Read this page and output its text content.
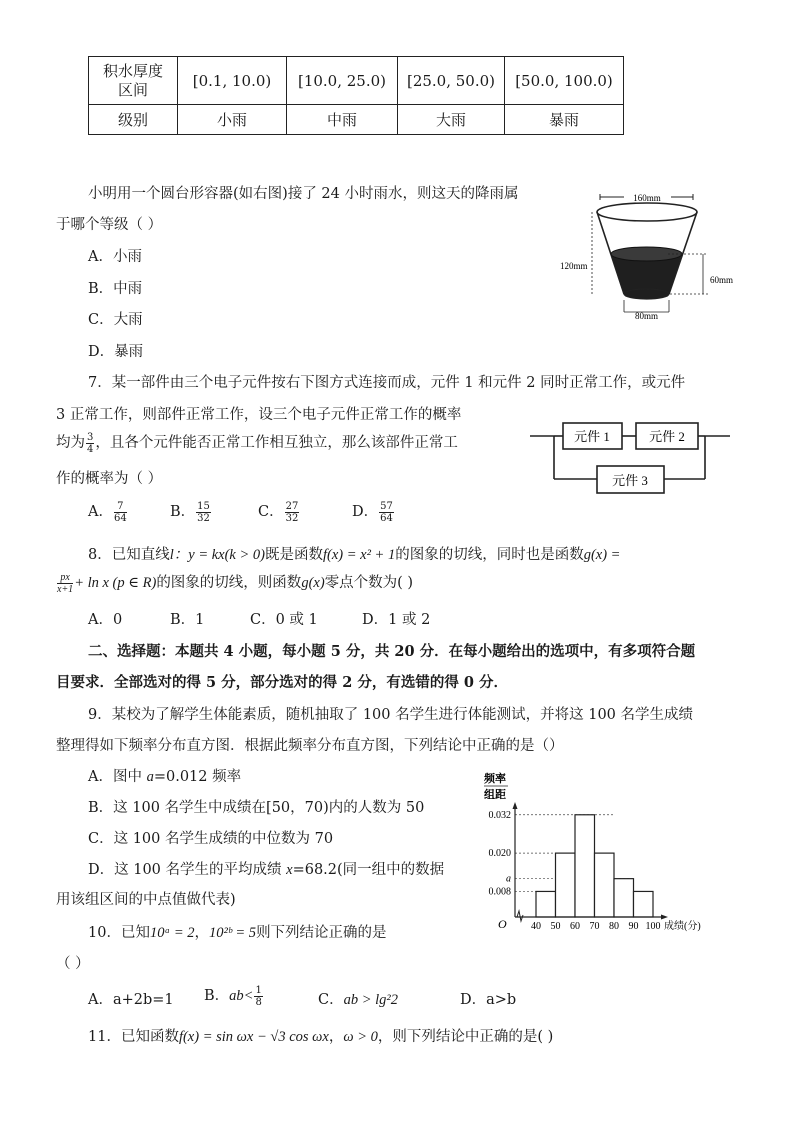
积水厚度
区间	[0.1, 10.0)	[10.0, 25.0)	[25.0, 50.0)	[50.0, 100.0)
级别	小雨	中雨	大雨	暴雨
小明用一个圆台形容器(如右图)接了 24 小时雨水，则这天的降雨属
于哪个等级（ ）
A．小雨
B．中雨
C．大雨
D．暴雨
160mm
120mm
60mm
80mm
7．某一部件由三个电子元件按右下图方式连接而成，元件 1 和元件 2 同时正常工作，或元件
3 正常工作，则部件正常工作，设三个电子元件正常工作的概率
均为 $\frac{3}{4}$ ，且各个元件能否正常工作相互独立，那么该部件正常工
作的概率为（ ）
元件 1	元件 2
元件 3
A． $\frac{7}{64}$	B． $\frac{15}{32}$	C． $\frac{27}{32}$	D． $\frac{57}{64}$
8．已知直线l：y = kx(k > 0)既是函数f(x) = x² + 1的图象的切线，同时也是函数g(x) =
$\frac{px}{x+1} + \ln x$ (p ∈ R)的图象的切线，则函数g(x)零点个数为( )
A．0	B．1	C．0 或 1	D．1 或 2
二、选择题：本题共 4 小题，每小题 5 分，共 20 分．在每小题给出的选项中，有多项符合题
目要求．全部选对的得 5 分，部分选对的得 2 分，有选错的得 0 分．
9．某校为了解学生体能素质，随机抽取了 100 名学生进行体能测试，并将这 100 名学生成绩
整理得如下频率分布直方图．根据此频率分布直方图，下列结论中正确的是（）
A．图中 a=0.012 频率
B．这 100 名学生中成绩在[50，70)内的人数为 50
C．这 100 名学生成绩的中位数为 70
D．这 100 名学生的平均成绩 x=68.2(同一组中的数据
用该组区间的中点值做代表)
频率
组距
O	成绩(分)
0.032
0.020
a
0.008
40 50 60 70 80 90 100
10．已知10ᵃ = 2，10²ᵇ = 5则下列结论正确的是
（ ）
A．a+2b=1 B．$ab< \frac{1}{8}$	C．ab > lg²2	D．a>b
11．已知函数f(x) = sin ωx − √3 cos ωx，ω > 0，则下列结论中正确的是( )
